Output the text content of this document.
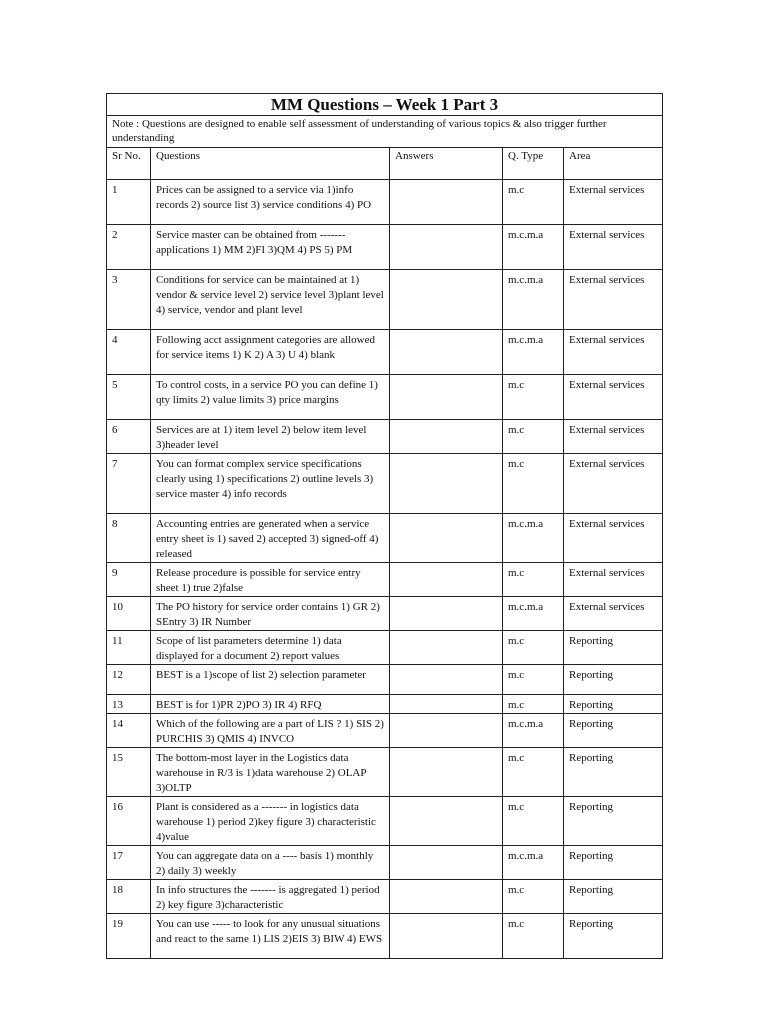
MM Questions – Week 1 Part 3				
Note : Questions are designed to enable self assessment of understanding of various topics & also trigger further understanding				
Sr No.	Questions	Answers	Q. Type	Area
1	Prices can be assigned to a service via 1)info records 2) source list 3) service conditions 4) PO		m.c	External services
2	Service master can be obtained from ------- applications 1) MM 2)FI 3)QM 4) PS 5) PM		m.c.m.a	External services
3	Conditions for service can be maintained at 1) vendor & service level 2) service level 3)plant level 4) service, vendor and plant level		m.c.m.a	External services
4	Following acct assignment categories are allowed for service items 1) K 2) A 3) U 4) blank		m.c.m.a	External services
5	To control costs, in a service PO you can define 1) qty limits 2) value limits 3) price margins		m.c	External services
6	Services are at 1) item level 2) below item level 3)header level		m.c	External services
7	You can format complex service specifications clearly using 1) specifications 2) outline levels 3) service master 4) info records		m.c	External services
8	Accounting entries are generated when a service entry sheet is 1) saved 2) accepted 3) signed-off 4) released		m.c.m.a	External services
9	Release procedure is possible for service entry sheet 1) true 2)false		m.c	External services
10	The PO history for service order contains 1) GR 2) SEntry 3) IR Number		m.c.m.a	External services
11	Scope of list parameters determine 1) data displayed for a document 2) report values		m.c	Reporting
12	BEST is a 1)scope of list 2) selection parameter		m.c	Reporting
13	BEST is for 1)PR 2)PO 3) IR 4) RFQ		m.c	Reporting
14	Which of the following are a part of LIS ? 1) SIS 2) PURCHIS 3) QMIS 4) INVCO		m.c.m.a	Reporting
15	The bottom-most layer in the Logistics data warehouse in R/3 is 1)data warehouse 2) OLAP 3)OLTP		m.c	Reporting
16	Plant is considered as a ------- in logistics data warehouse 1) period 2)key figure 3) characteristic 4)value		m.c	Reporting
17	You can aggregate data on a ---- basis 1) monthly 2) daily 3) weekly		m.c.m.a	Reporting
18	In info structures the ------- is aggregated 1) period 2) key figure 3)characteristic		m.c	Reporting
19	You can use ----- to look for any unusual situations and react to the same 1) LIS 2)EIS 3) BIW 4) EWS		m.c	Reporting
